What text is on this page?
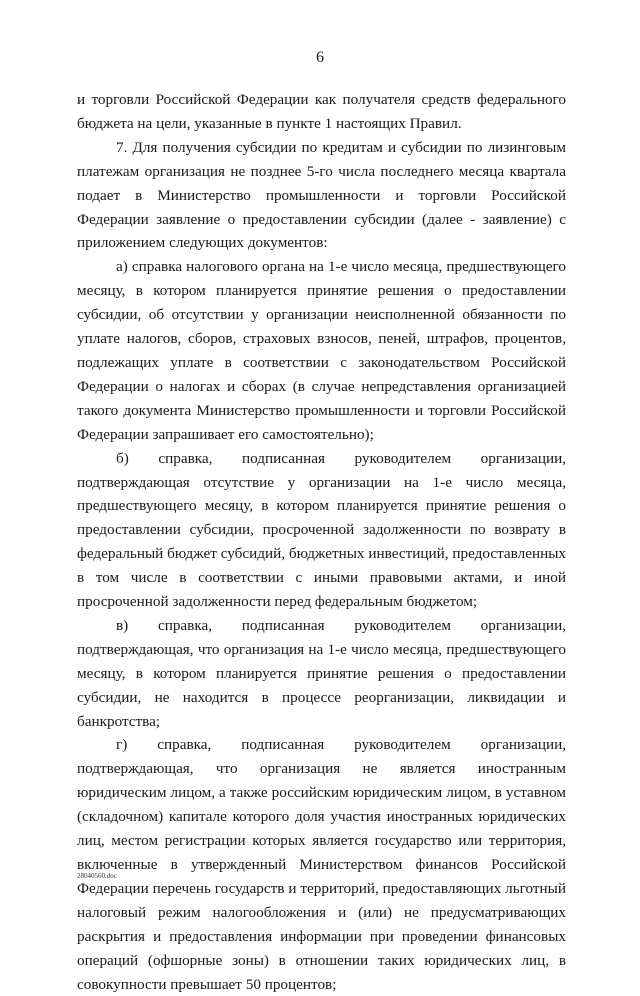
6

и торговли Российской Федерации как получателя средств федерального бюджета на цели, указанные в пункте 1 настоящих Правил.

7. Для получения субсидии по кредитам и субсидии по лизинговым платежам организация не позднее 5-го числа последнего месяца квартала подает в Министерство промышленности и торговли Российской Федерации заявление о предоставлении субсидии (далее - заявление) с приложением следующих документов:

а) справка налогового органа на 1-е число месяца, предшествующего месяцу, в котором планируется принятие решения о предоставлении субсидии, об отсутствии у организации неисполненной обязанности по уплате налогов, сборов, страховых взносов, пеней, штрафов, процентов, подлежащих уплате в соответствии с законодательством Российской Федерации о налогах и сборах (в случае непредставления организацией такого документа Министерство промышленности и торговли Российской Федерации запрашивает его самостоятельно);

б) справка, подписанная руководителем организации, подтверждающая отсутствие у организации на 1-е число месяца, предшествующего месяцу, в котором планируется принятие решения о предоставлении субсидии, просроченной задолженности по возврату в федеральный бюджет субсидий, бюджетных инвестиций, предоставленных в том числе в соответствии с иными правовыми актами, и иной просроченной задолженности перед федеральным бюджетом;

в) справка, подписанная руководителем организации, подтверждающая, что организация на 1-е число месяца, предшествующего месяцу, в котором планируется принятие решения о предоставлении субсидии, не находится в процессе реорганизации, ликвидации и банкротства;

г) справка, подписанная руководителем организации, подтверждающая, что организация не является иностранным юридическим лицом, а также российским юридическим лицом, в уставном (складочном) капитале которого доля участия иностранных юридических лиц, местом регистрации которых является государство или территория, включенные в утвержденный Министерством финансов Российской Федерации перечень государств и территорий, предоставляющих льготный налоговый режим налогообложения и (или) не предусматривающих раскрытия и предоставления информации при проведении финансовых операций (офшорные зоны) в отношении таких юридических лиц, в совокупности превышает 50 процентов;

28040560.doc
